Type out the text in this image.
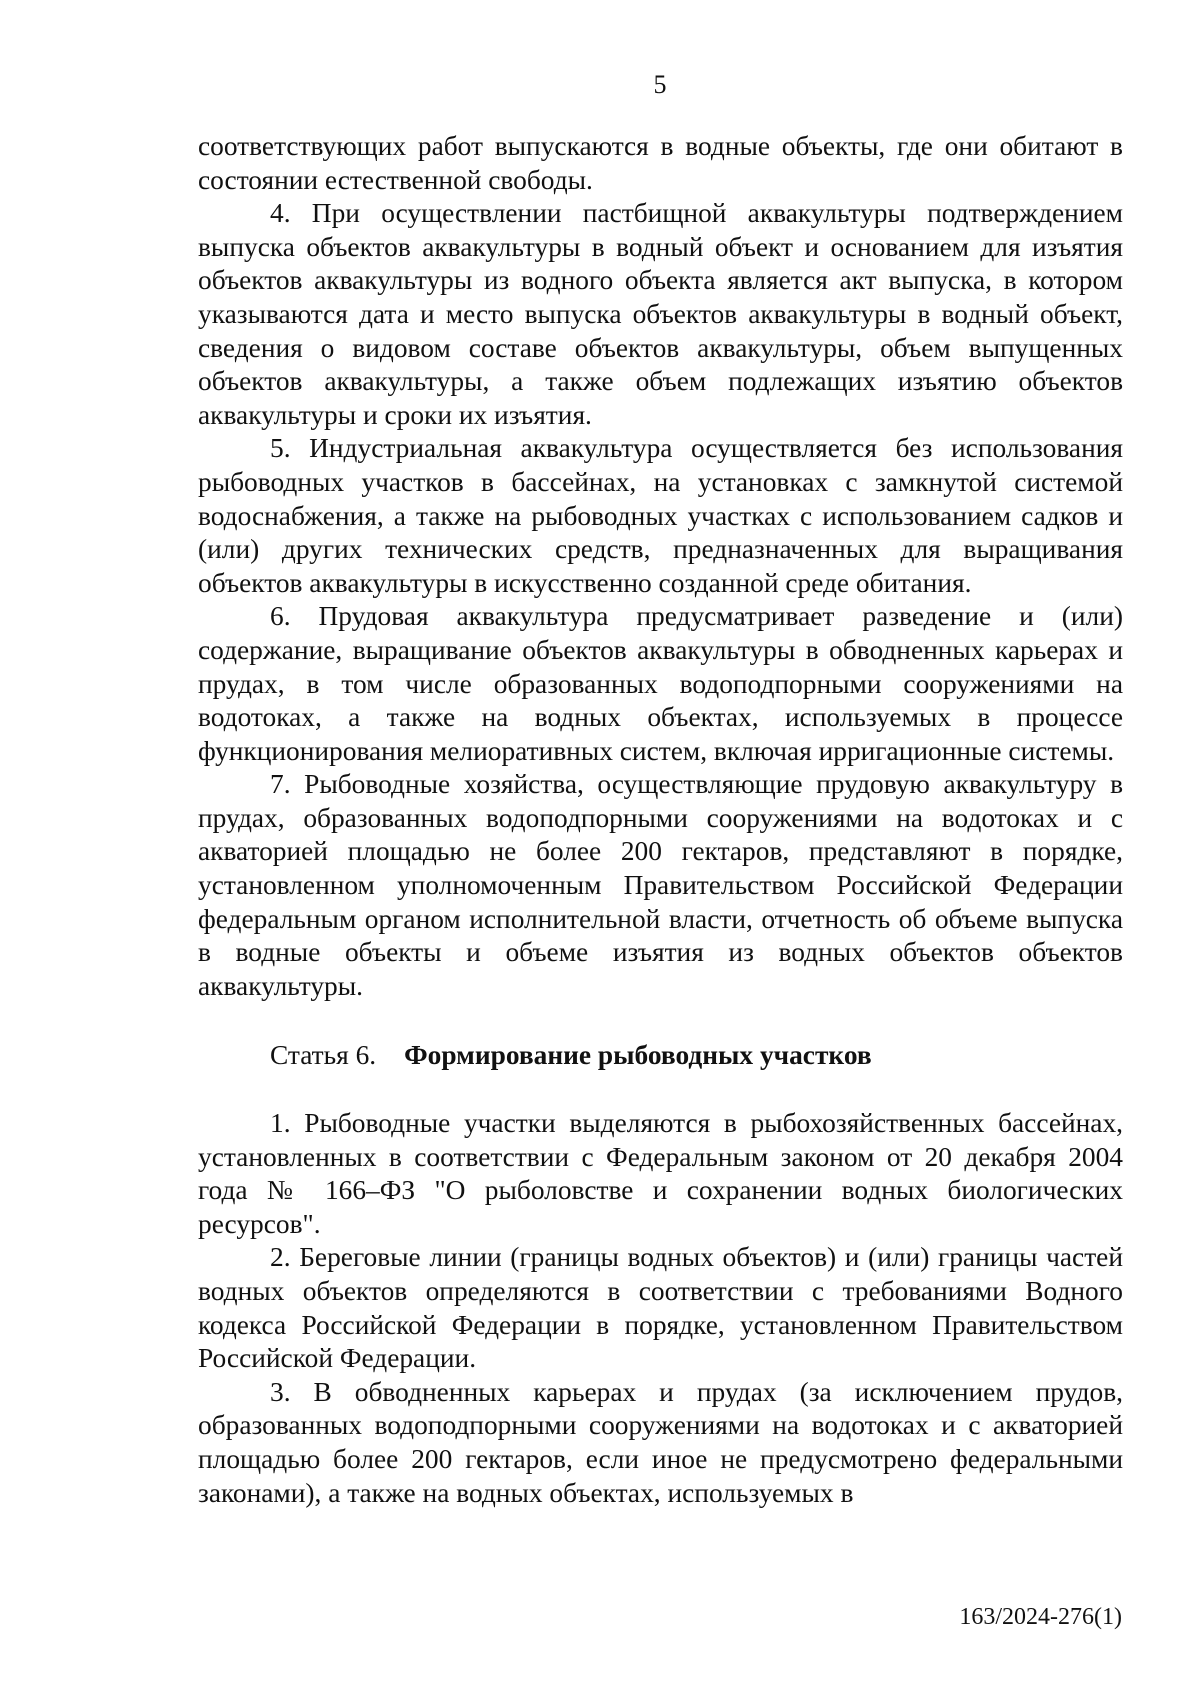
5

соответствующих работ выпускаются в водные объекты, где они обитают в состоянии естественной свободы.

4. При осуществлении пастбищной аквакультуры подтверждением выпуска объектов аквакультуры в водный объект и основанием для изъятия объектов аквакультуры из водного объекта является акт выпуска, в котором указываются дата и место выпуска объектов аквакультуры в водный объект, сведения о видовом составе объектов аквакультуры, объем выпущенных объектов аквакультуры, а также объем подлежащих изъятию объектов аквакультуры и сроки их изъятия.

5. Индустриальная аквакультура осуществляется без использования рыбоводных участков в бассейнах, на установках с замкнутой системой водоснабжения, а также на рыбоводных участках с использованием садков и (или) других технических средств, предназначенных для выращивания объектов аквакультуры в искусственно созданной среде обитания.

6. Прудовая аквакультура предусматривает разведение и (или) содержание, выращивание объектов аквакультуры в обводненных карьерах и прудах, в том числе образованных водоподпорными сооружениями на водотоках, а также на водных объектах, используемых в процессе функционирования мелиоративных систем, включая ирригационные системы.

7. Рыбоводные хозяйства, осуществляющие прудовую аквакультуру в прудах, образованных водоподпорными сооружениями на водотоках и с акваторией площадью не более 200 гектаров, представляют в порядке, установленном уполномоченным Правительством Российской Федерации федеральным органом исполнительной власти, отчетность об объеме выпуска в водные объекты и объеме изъятия из водных объектов объектов аквакультуры.

Статья 6. Формирование рыбоводных участков

1. Рыбоводные участки выделяются в рыбохозяйственных бассейнах, установленных в соответствии с Федеральным законом от 20 декабря 2004 года № 166–ФЗ "О рыболовстве и сохранении водных биологических ресурсов".

2. Береговые линии (границы водных объектов) и (или) границы частей водных объектов определяются в соответствии с требованиями Водного кодекса Российской Федерации в порядке, установленном Правительством Российской Федерации.

3. В обводненных карьерах и прудах (за исключением прудов, образованных водоподпорными сооружениями на водотоках и с акваторией площадью более 200 гектаров, если иное не предусмотрено федеральными законами), а также на водных объектах, используемых в

163/2024-276(1)
